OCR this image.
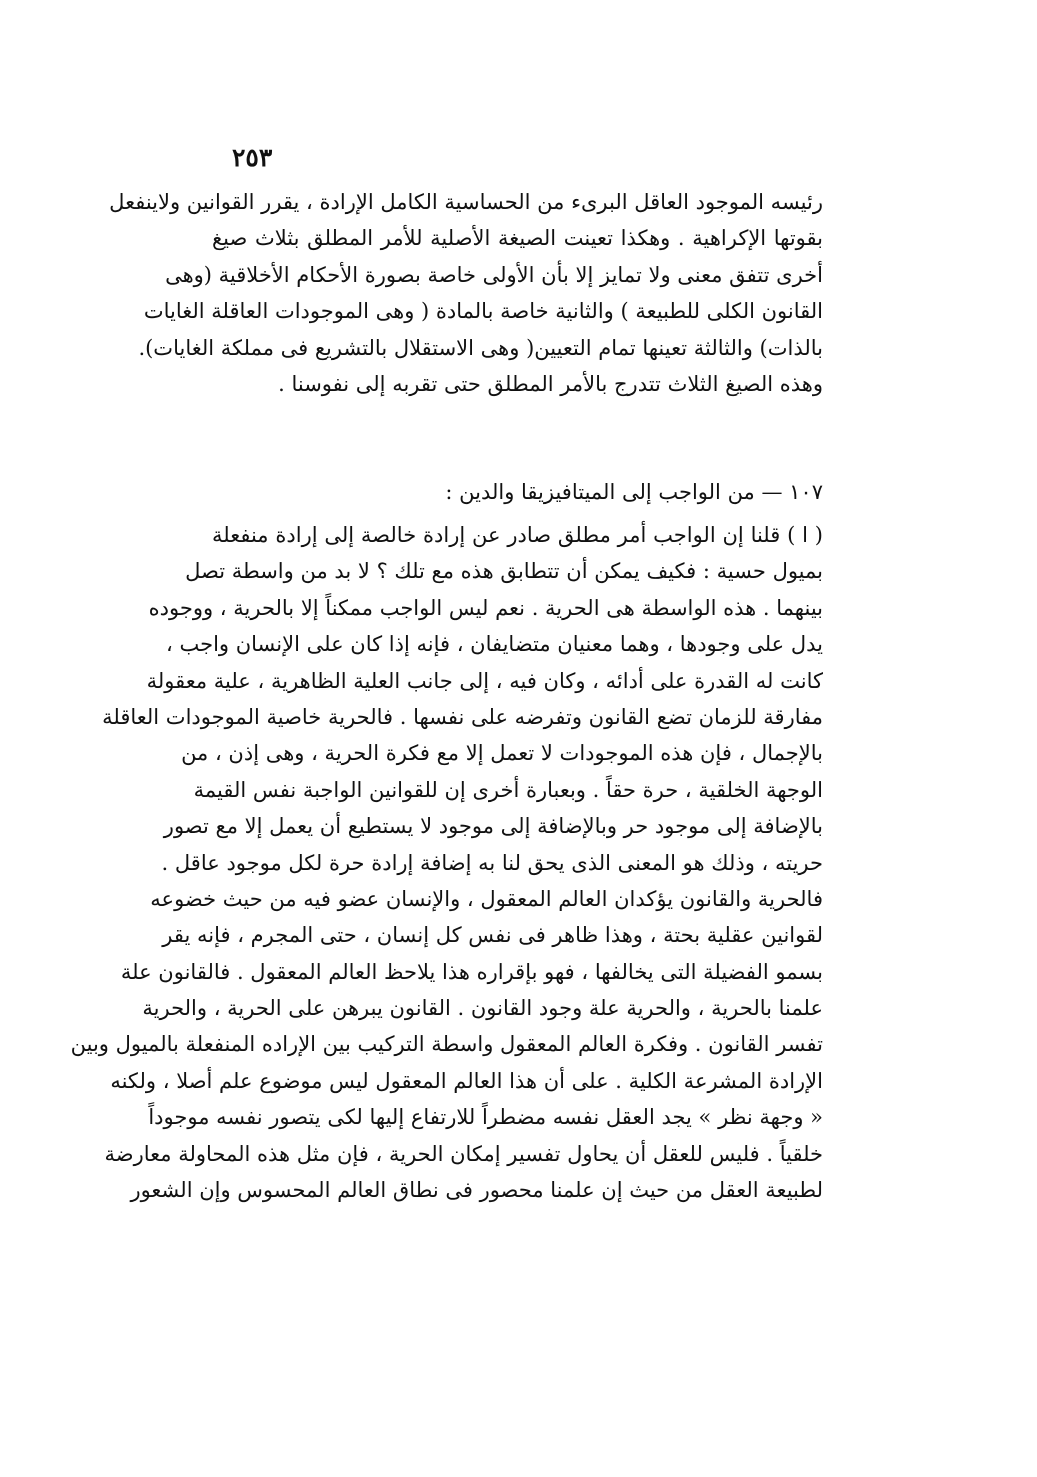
٢٥٣
رئيسه الموجود العاقل البرىء من الحساسية الكامل الإرادة ، يقرر القوانين ولاينفعل
بقوتها الإكراهية . وهكذا تعينت الصيغة الأصلية للأمر المطلق بثلاث صيغ
أخرى تتفق معنى ولا تمايز إلا بأن الأولى خاصة بصورة الأحكام الأخلاقية (وهى
القانون الكلى للطبيعة ) والثانية خاصة بالمادة ( وهى الموجودات العاقلة الغايات
بالذات) والثالثة تعينها تمام التعيين( وهى الاستقلال بالتشريع فى مملكة الغايات).
وهذه الصيغ الثلاث تتدرج بالأمر المطلق حتى تقربه إلى نفوسنا .
١٠٧ — من الواجب إلى الميتافيزيقا والدين :
( ا ) قلنا إن الواجب أمر مطلق صادر عن إرادة خالصة إلى إرادة منفعلة
بميول حسية : فكيف يمكن أن تتطابق هذه مع تلك ؟ لا بد من واسطة تصل
بينهما . هذه الواسطة هى الحرية . نعم ليس الواجب ممكناً إلا بالحرية ، ووجوده
يدل على وجودها ، وهما معنيان متضايفان ، فإنه إذا كان على الإنسان واجب ،
كانت له القدرة على أدائه ، وكان فيه ، إلى جانب العلية الظاهرية ، علية معقولة
مفارقة للزمان تضع القانون وتفرضه على نفسها . فالحرية خاصية الموجودات العاقلة
بالإجمال ، فإن هذه الموجودات لا تعمل إلا مع فكرة الحرية ، وهى إذن ، من
الوجهة الخلقية ، حرة حقاً . وبعبارة أخرى إن للقوانين الواجبة نفس القيمة
بالإضافة إلى موجود حر وبالإضافة إلى موجود لا يستطيع أن يعمل إلا مع تصور
حريته ، وذلك هو المعنى الذى يحق لنا به إضافة إرادة حرة لكل موجود عاقل .
فالحرية والقانون يؤكدان العالم المعقول ، والإنسان عضو فيه من حيث خضوعه
لقوانين عقلية بحتة ، وهذا ظاهر فى نفس كل إنسان ، حتى المجرم ، فإنه يقر
بسمو الفضيلة التى يخالفها ، فهو بإقراره هذا يلاحظ العالم المعقول . فالقانون علة
علمنا بالحرية ، والحرية علة وجود القانون . القانون يبرهن على الحرية ، والحرية
تفسر القانون . وفكرة العالم المعقول واسطة التركيب بين الإراده المنفعلة بالميول وبين
الإرادة المشرعة الكلية . على أن هذا العالم المعقول ليس موضوع علم أصلا ، ولكنه
« وجهة نظر » يجد العقل نفسه مضطراً للارتفاع إليها لكى يتصور نفسه موجوداً
خلقياً . فليس للعقل أن يحاول تفسير إمكان الحرية ، فإن مثل هذه المحاولة معارضة
لطبيعة العقل من حيث إن علمنا محصور فى نطاق العالم المحسوس وإن الشعور
